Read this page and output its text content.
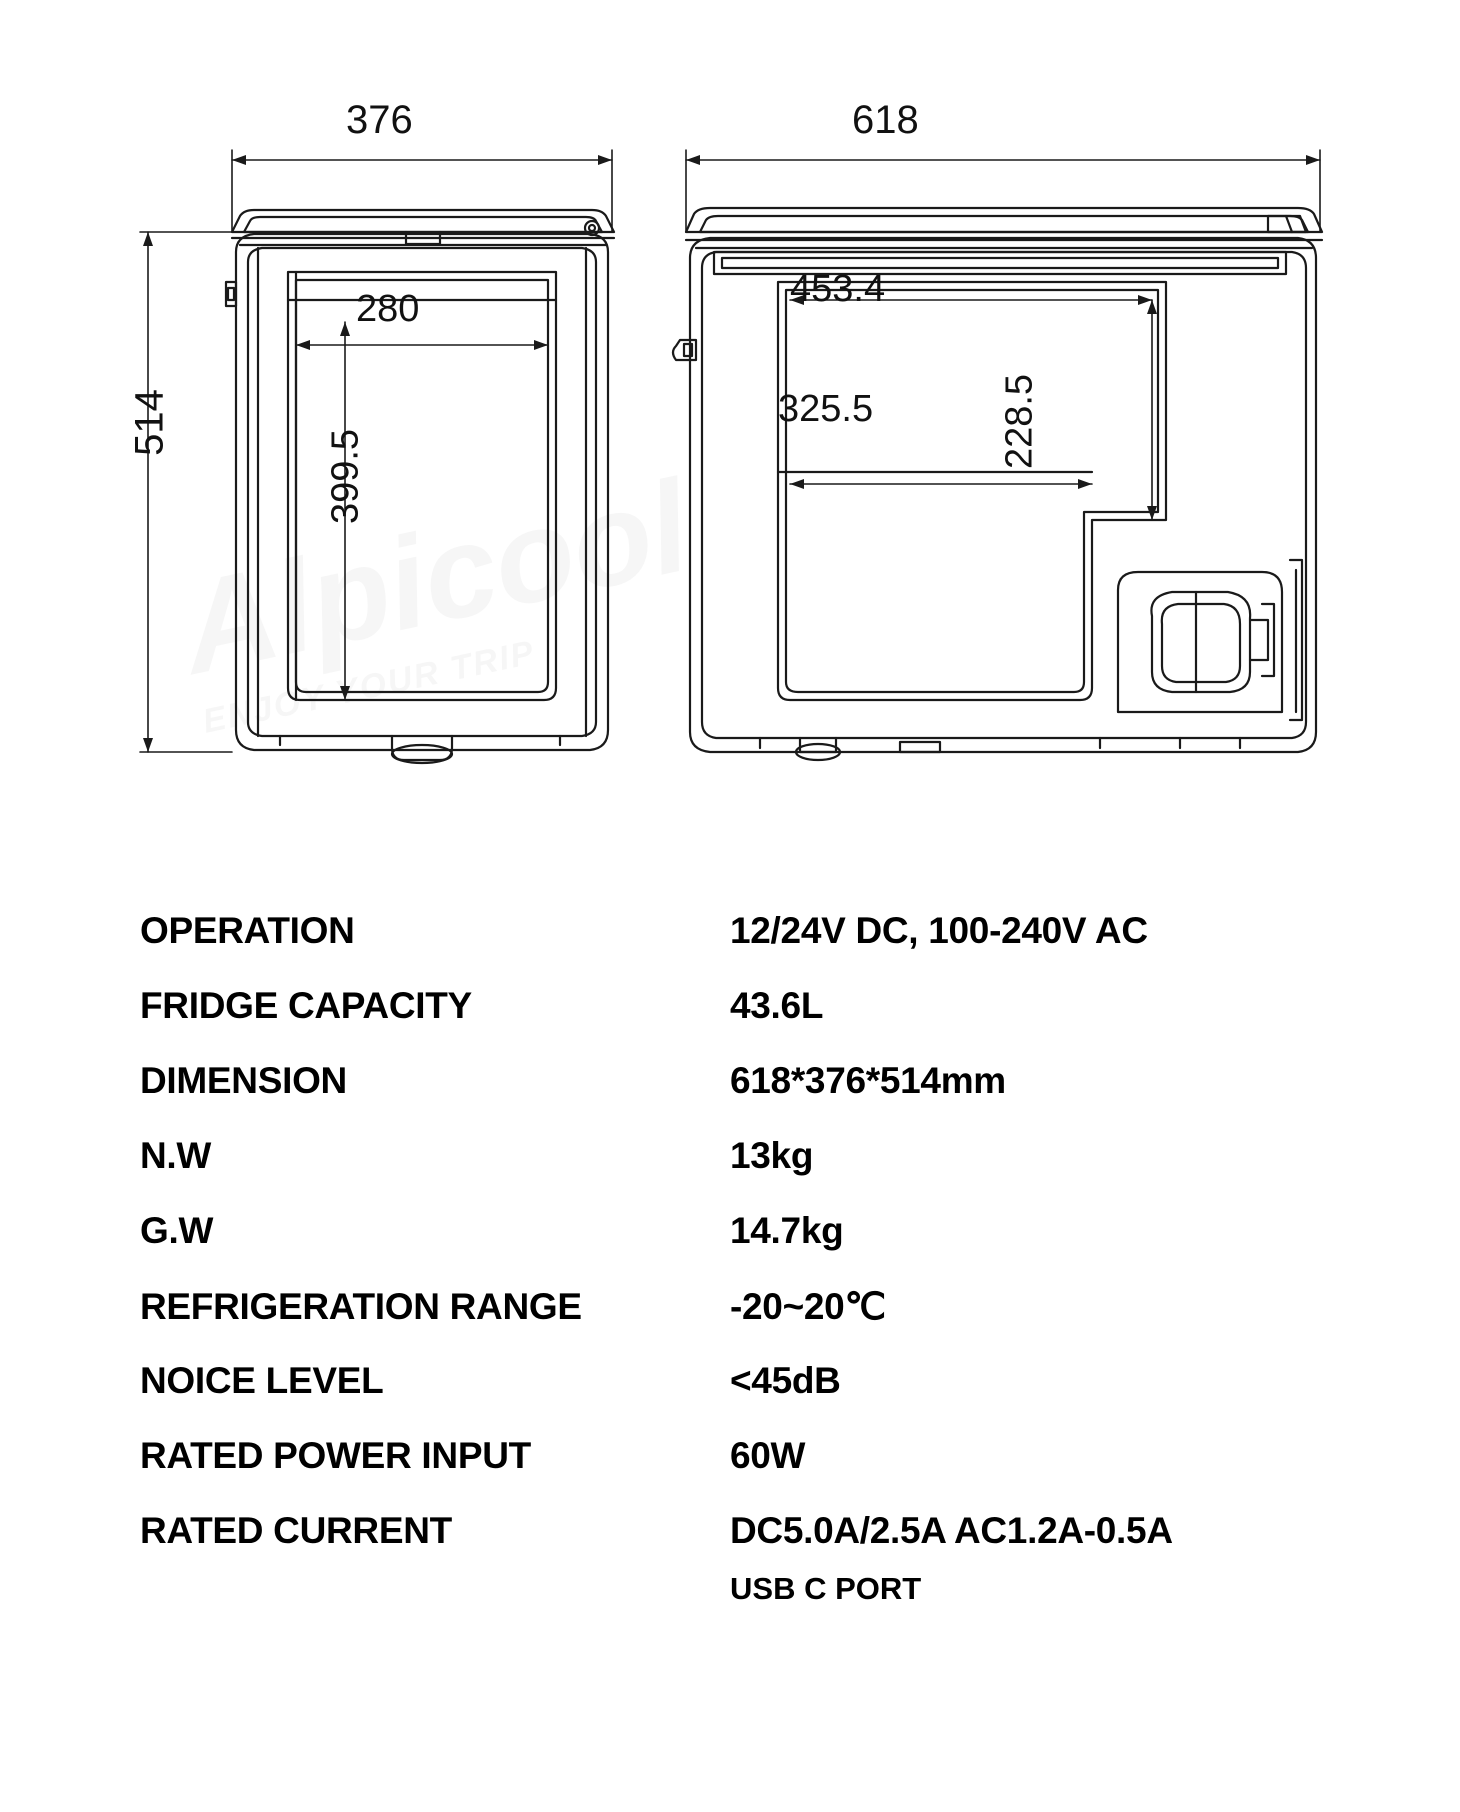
376
514
280
399.5
618
453.4
325.5	228.5
OPERATION	12/24V DC, 100-240V AC
FRIDGE CAPACITY	43.6L
DIMENSION	618*376*514mm
N.W	13kg
G.W	14.7kg
REFRIGERATION RANGE	-20~20℃
NOICE LEVEL	<45dB
RATED POWER INPUT	60W
RATED CURRENT	DC5.0A/2.5A AC1.2A-0.5A
USB C PORT
